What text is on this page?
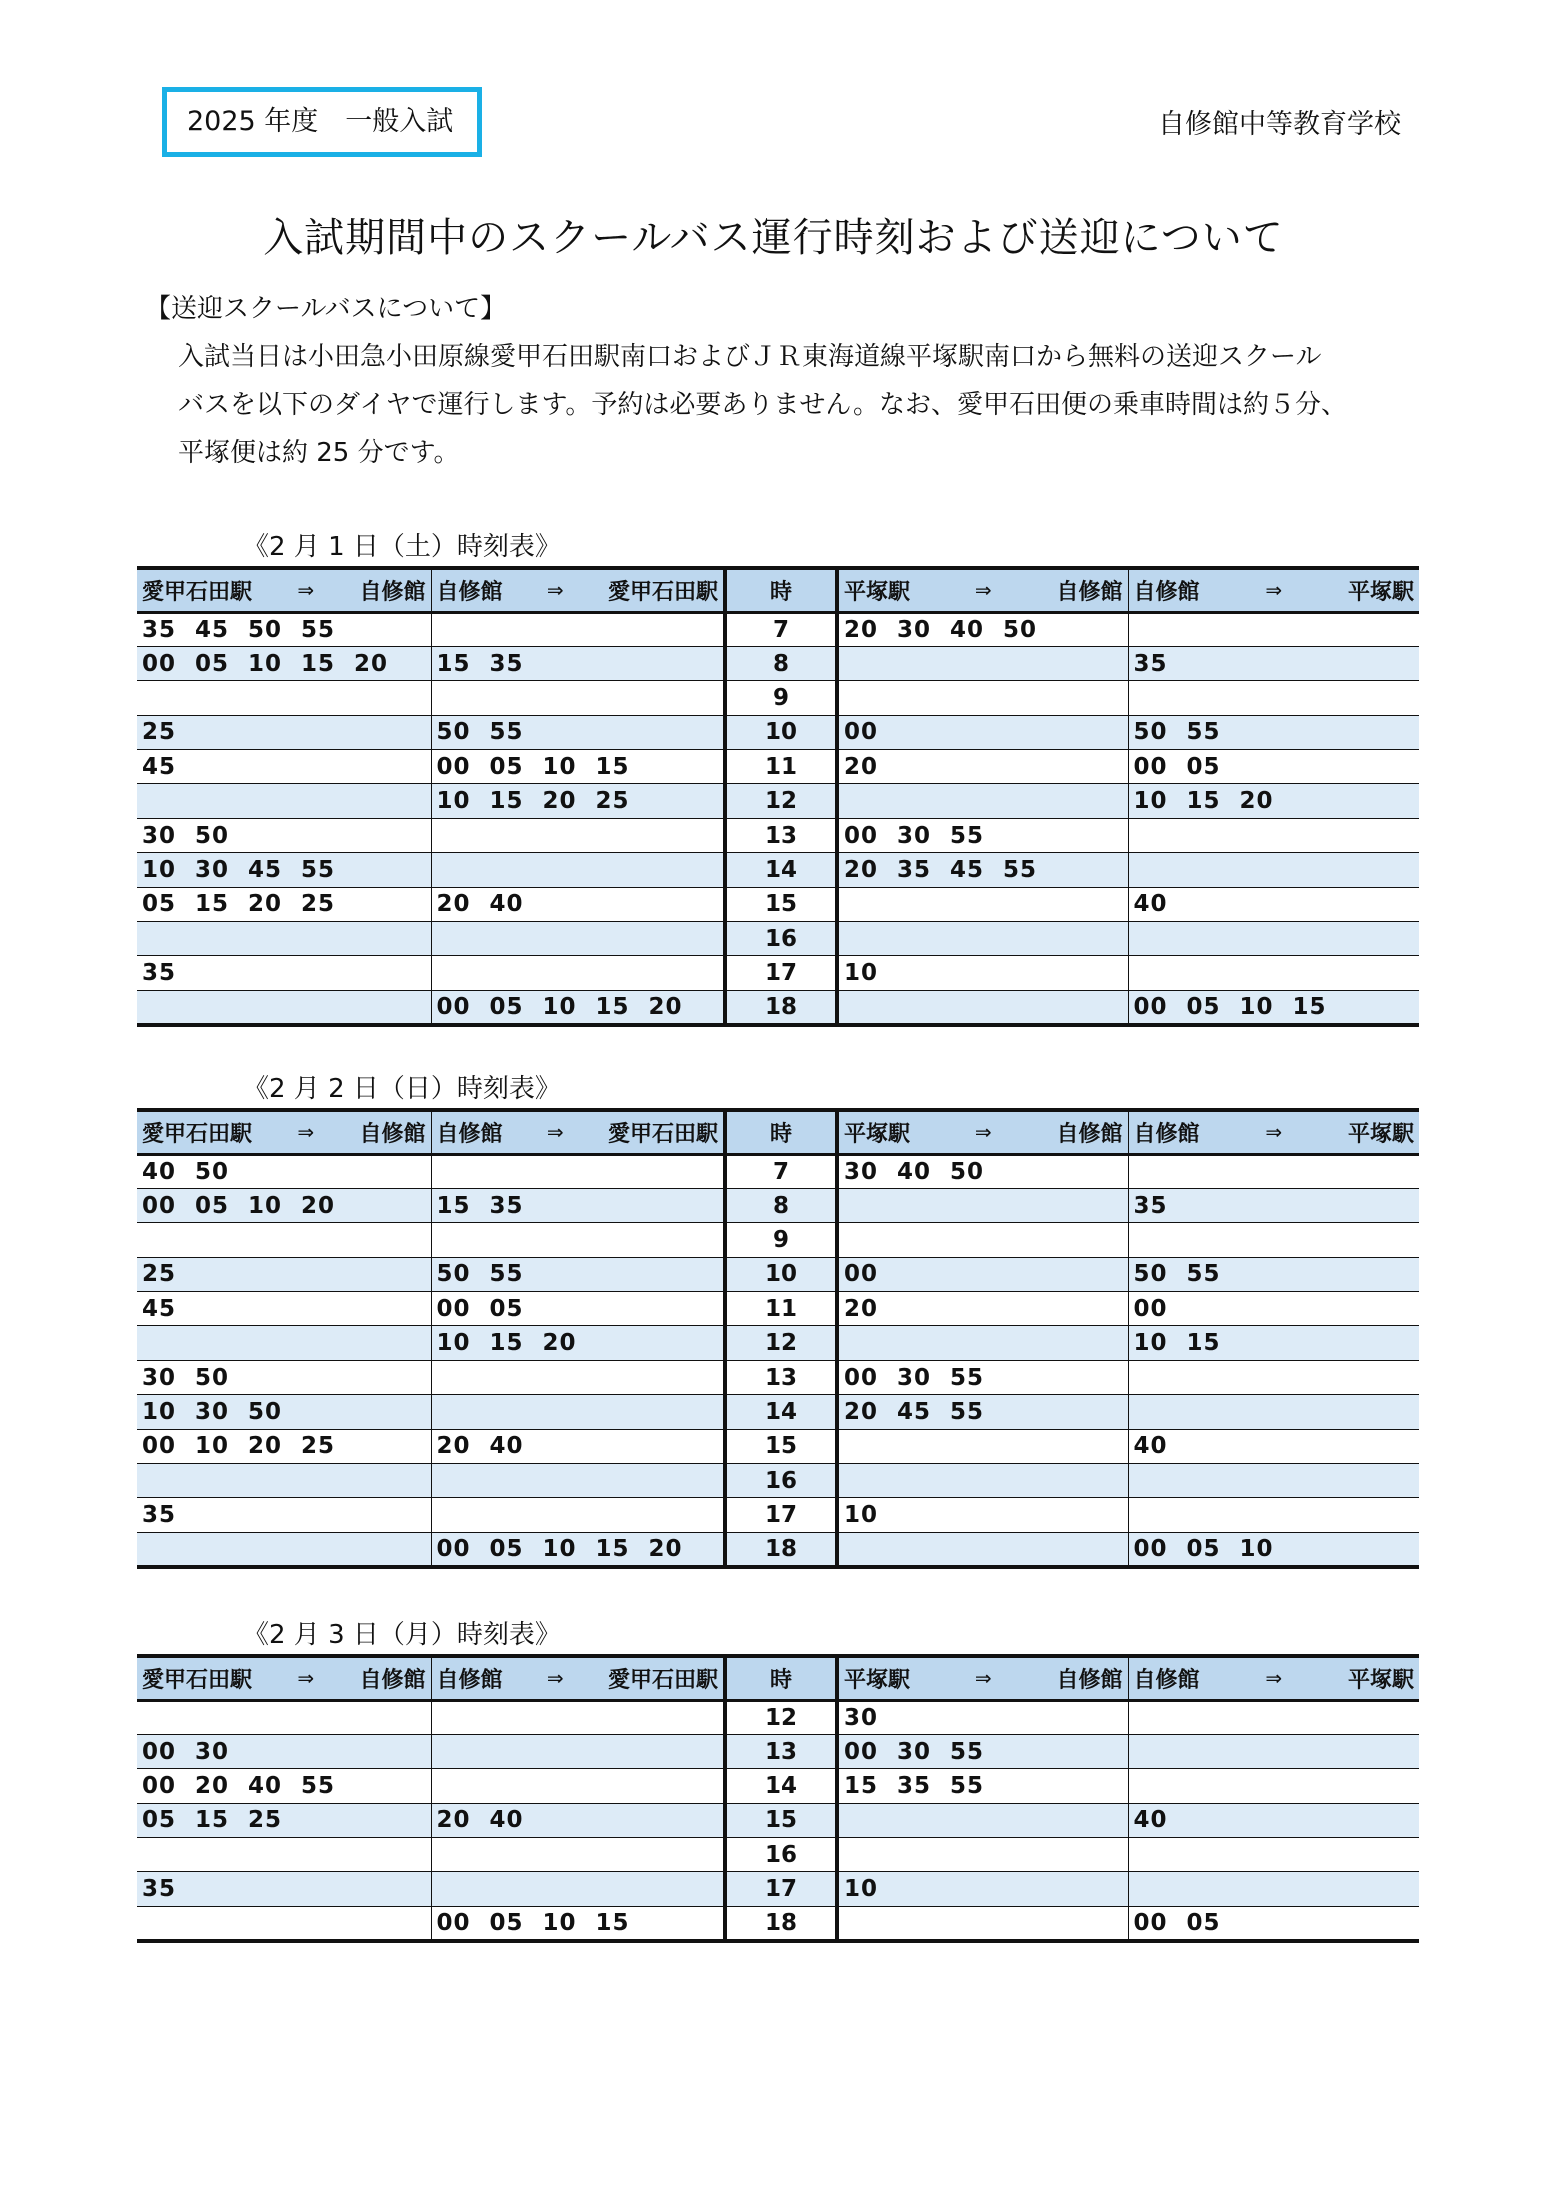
2025 年度　一般入試	自修館中等教育学校
入試期間中のスクールバス運行時刻および送迎について
【送迎スクールバスについて】
入試当日は小田急小田原線愛甲石田駅南口およびＪＲ東海道線平塚駅南口から無料の送迎スクール
バスを以下のダイヤで運行します。予約は必要ありません。なお、愛甲石田便の乗車時間は約５分、
平塚便は約 25 分です。
《2 月 1 日（土）時刻表》
愛甲石田駅 ⇒ 自修館	自修館 ⇒ 愛甲石田駅	時	平塚駅 ⇒ 自修館	自修館 ⇒ 平塚駅

35 45 50 55		7	20 30 40 50	
00 05 10 15 20	15 35	8		35
		9		
25	50 55	10	00	50 55
45	00 05 10 15	11	20	00 05
	10 15 20 25	12		10 15 20
30 50		13	00 30 55	
10 30 45 55		14	20 35 45 55	
05 15 20 25	20 40	15		40
		16		
35		17	10	
	00 05 10 15 20	18		00 05 10 15
《2 月 2 日（日）時刻表》
愛甲石田駅 ⇒ 自修館	自修館 ⇒ 愛甲石田駅	時	平塚駅 ⇒ 自修館	自修館 ⇒ 平塚駅

40 50		7	30 40 50	
00 05 10 20	15 35	8		35
		9		
25	50 55	10	00	50 55
45	00 05	11	20	00
	10 15 20	12		10 15
30 50		13	00 30 55	
10 30 50		14	20 45 55	
00 10 20 25	20 40	15		40
		16		
35		17	10	
	00 05 10 15 20	18		00 05 10
《2 月 3 日（月）時刻表》
愛甲石田駅 ⇒ 自修館	自修館 ⇒ 愛甲石田駅	時	平塚駅 ⇒ 自修館	自修館 ⇒ 平塚駅

		12	30	
00 30		13	00 30 55	
00 20 40 55		14	15 35 55	
05 15 25	20 40	15		40
		16		
35		17	10	
	00 05 10 15	18		00 05
